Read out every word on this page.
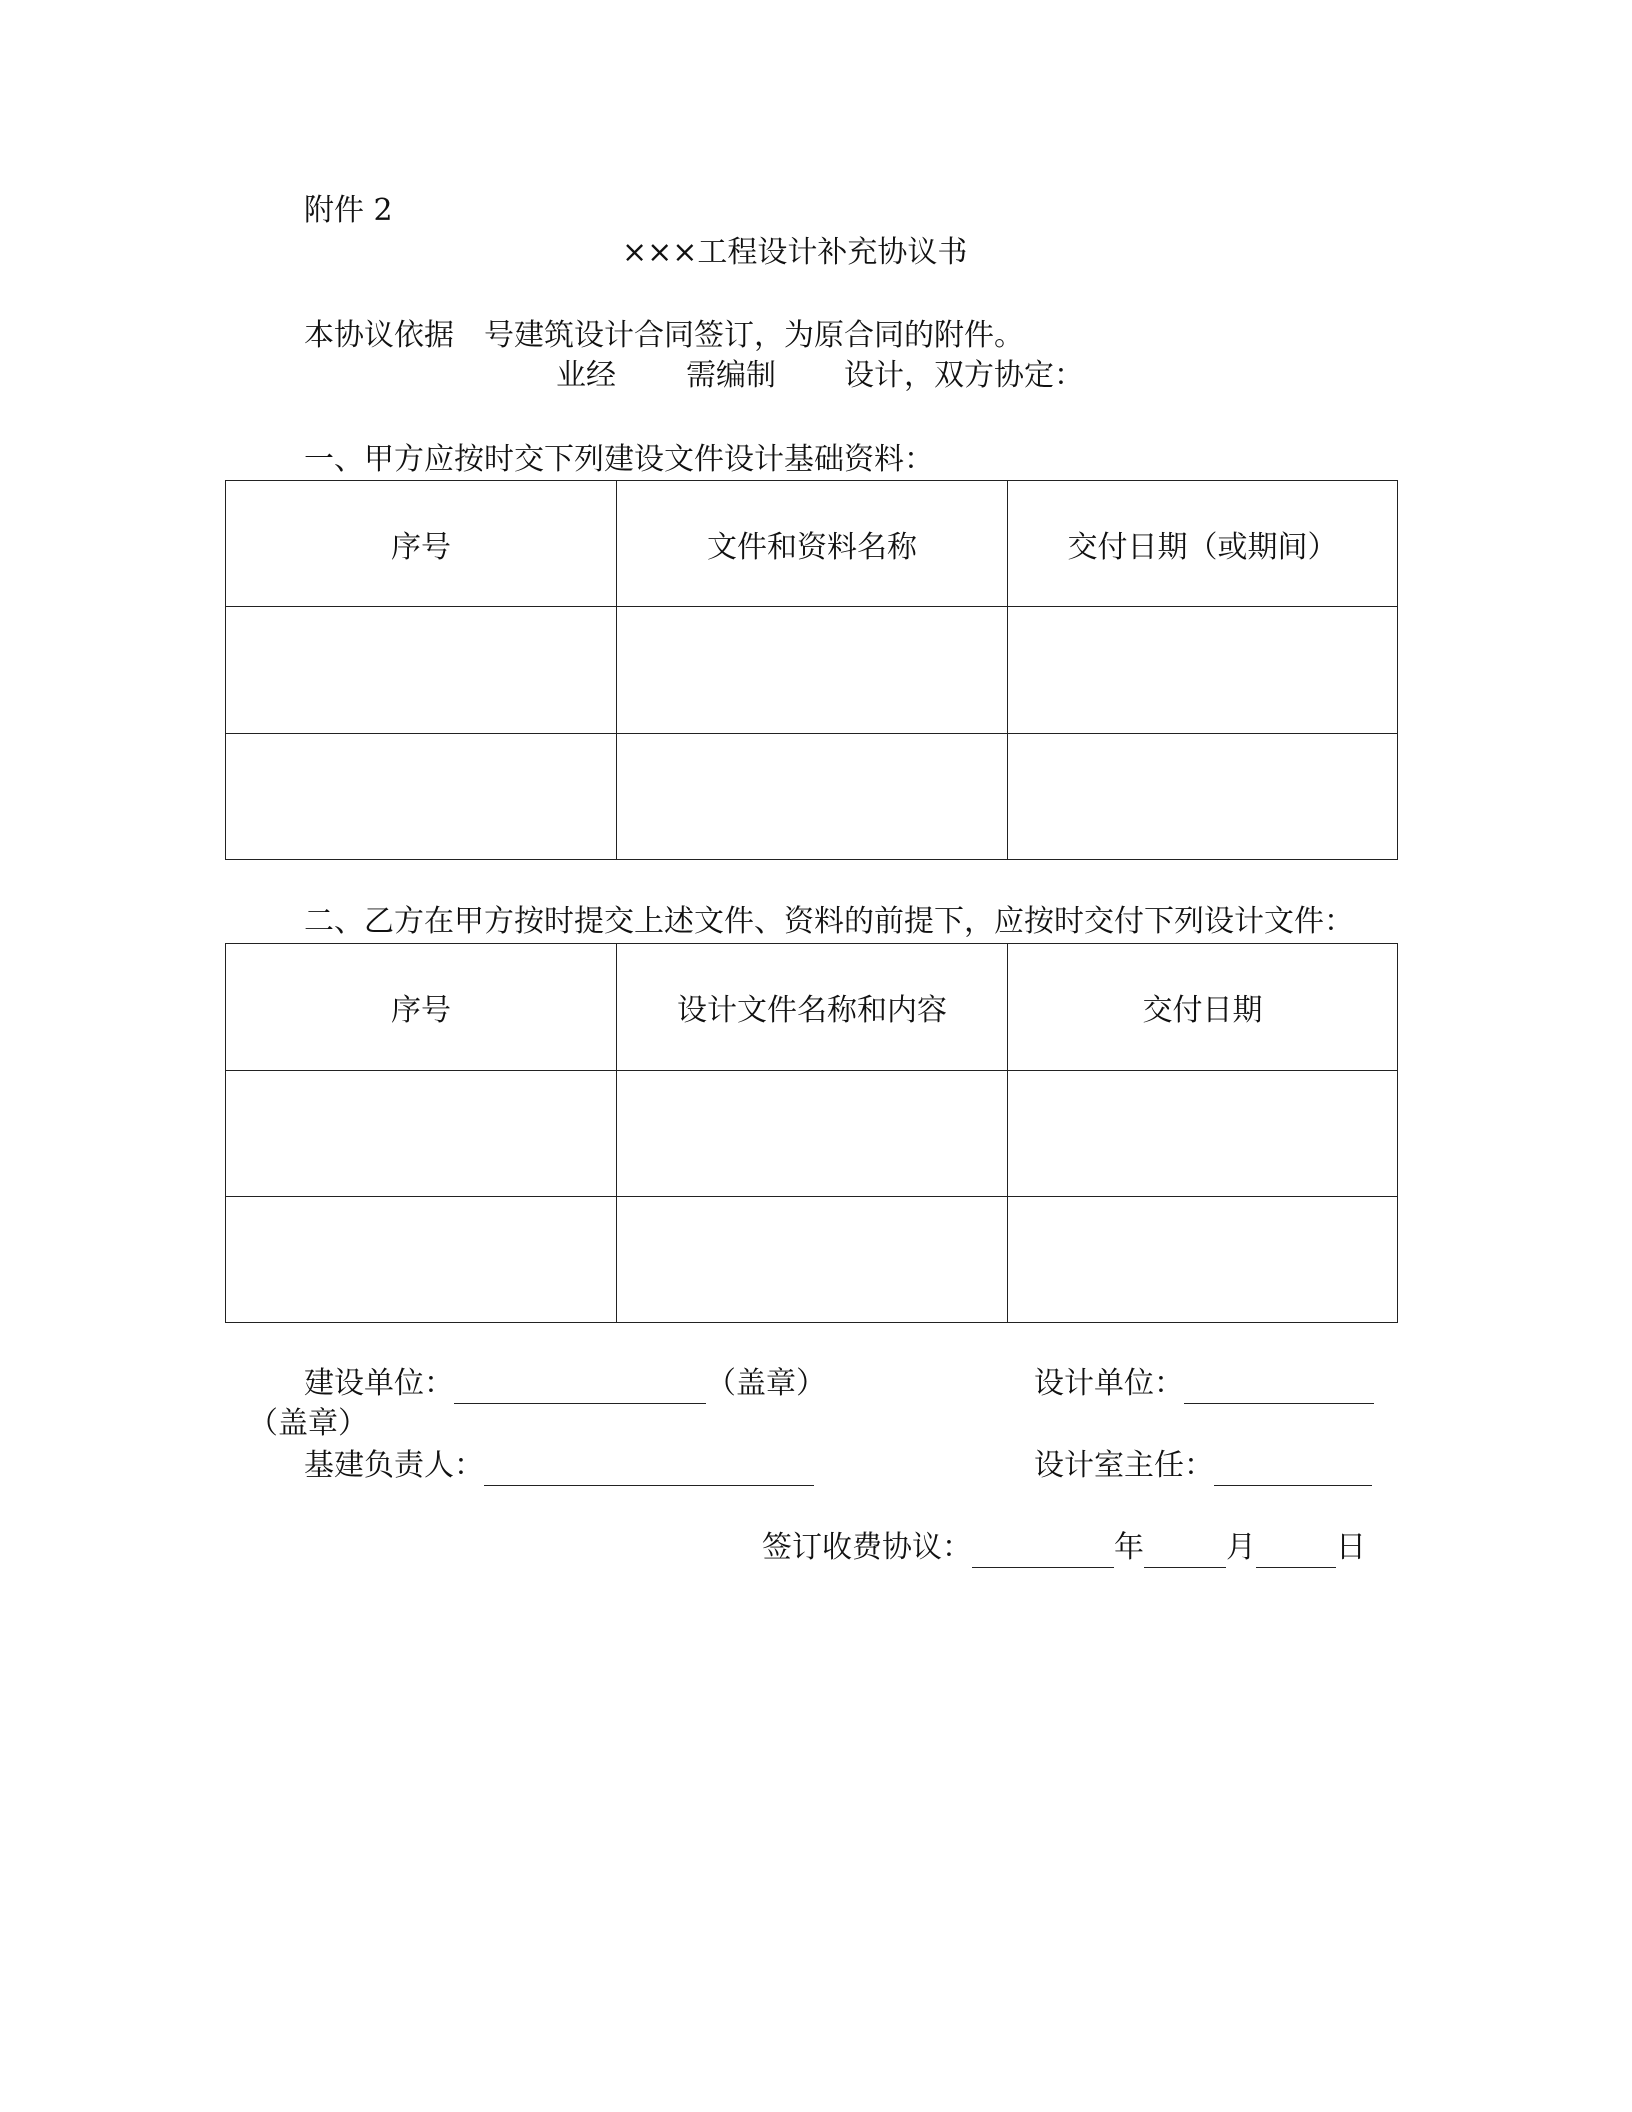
附件 2
×××工程设计补充协议书
本协议依据　号建筑设计合同签订，为原合同的附件。
业经 需编制 设计，双方协定：
一、甲方应按时交下列建设文件设计基础资料：
序号	文件和资料名称	交付日期（或期间）

二、乙方在甲方按时提交上述文件、资料的前提下，应按时交付下列设计文件：
序号	设计文件名称和内容	交付日期

建设单位：	（盖章）	设计单位：
（盖章）
基建负责人：	设计室主任：
签订收费协议：	年	月	日
